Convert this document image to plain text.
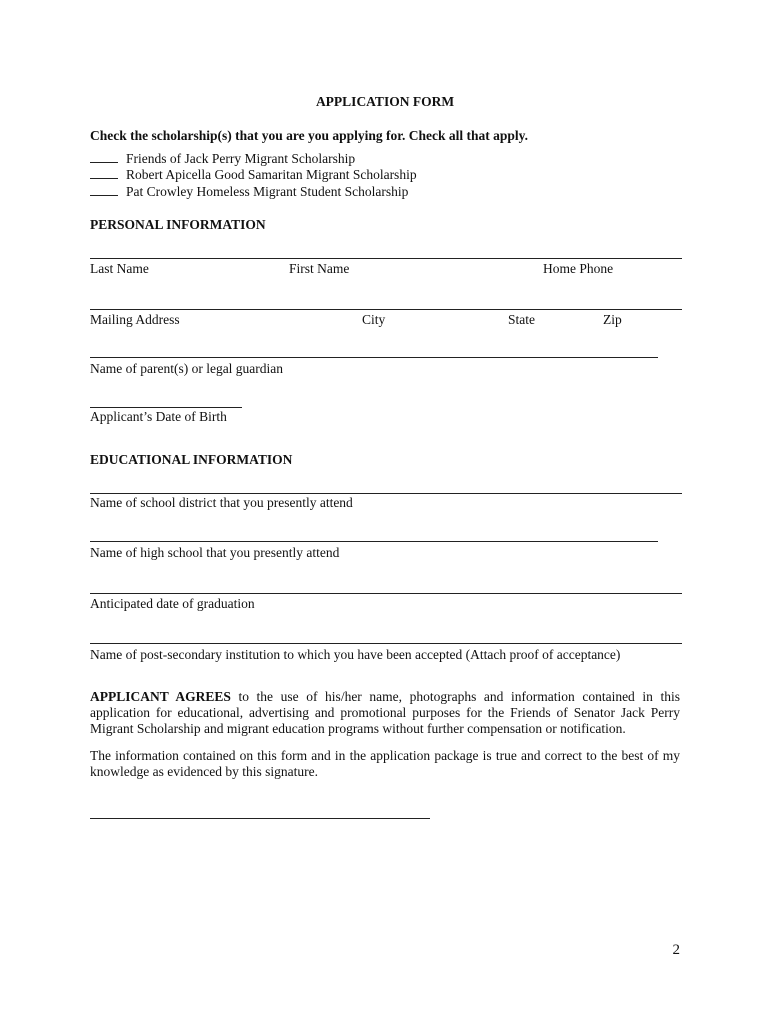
APPLICATION FORM
Check the scholarship(s) that you are you applying for. Check all that apply.
Friends of Jack Perry Migrant Scholarship
Robert Apicella Good Samaritan Migrant Scholarship
Pat Crowley Homeless Migrant Student Scholarship
PERSONAL INFORMATION
Last Name	First Name	Home Phone
Mailing Address	City	State	Zip
Name of parent(s) or legal guardian
Applicant’s Date of Birth
EDUCATIONAL INFORMATION
Name of school district that you presently attend
Name of high school that you presently attend
Anticipated date of graduation
Name of post-secondary institution to which you have been accepted (Attach proof of acceptance)
APPLICANT AGREES to the use of his/her name, photographs and information contained in this application for educational, advertising and promotional purposes for the Friends of Senator Jack Perry Migrant Scholarship and migrant education programs without further compensation or notification.
The information contained on this form and in the application package is true and correct to the best of my knowledge as evidenced by this signature.
2
